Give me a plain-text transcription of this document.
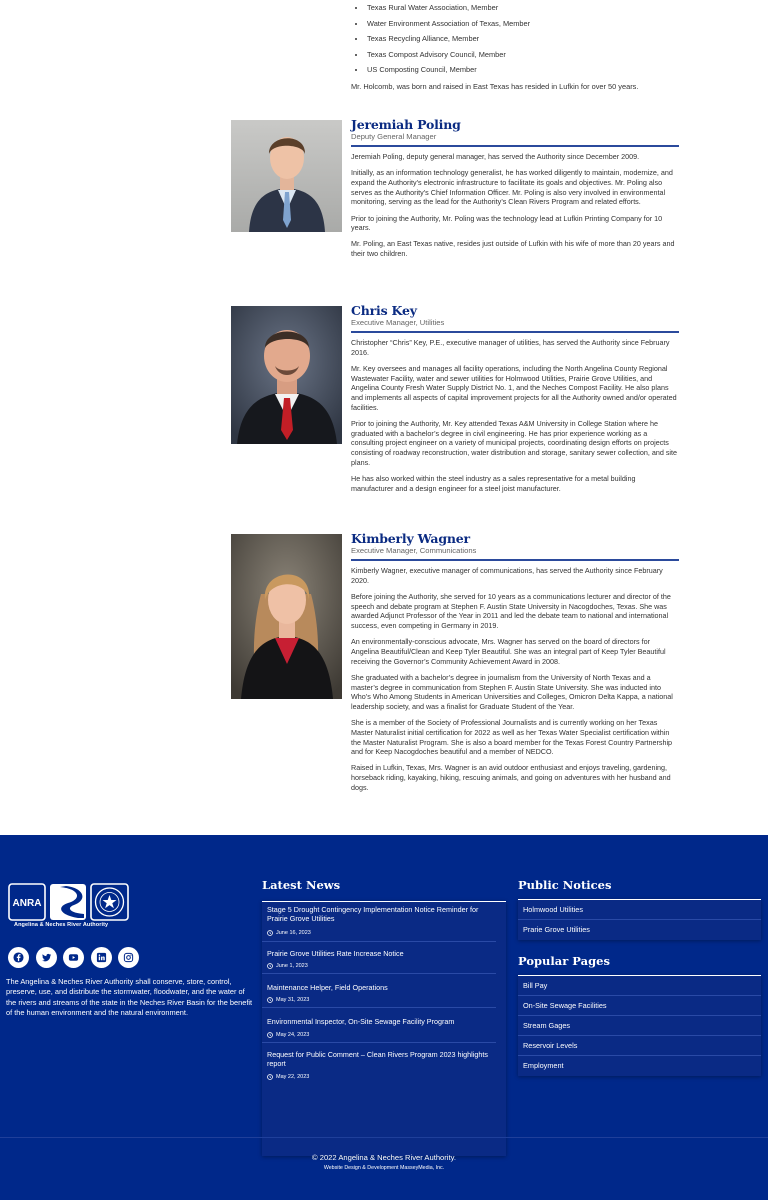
• Texas Rural Water Association, Member
• Water Environment Association of Texas, Member
• Texas Recycling Alliance, Member
• Texas Compost Advisory Council, Member
• US Composting Council, Member
Mr. Holcomb, was born and raised in East Texas has resided in Lufkin for over 50 years.
Jeremiah Poling
Deputy General Manager

Jeremiah Poling, deputy general manager, has served the Authority since December 2009.

Initially, as an information technology generalist, he has worked diligently to maintain, modernize, and expand the Authority’s electronic infrastructure to facilitate its goals and objectives. Mr. Poling also serves as the Authority’s Chief Information Officer. Mr. Poling is also very involved in environmental monitoring, serving as the lead for the Authority’s Clean Rivers Program and related efforts.

Prior to joining the Authority, Mr. Poling was the technology lead at Lufkin Printing Company for 10 years.

Mr. Poling, an East Texas native, resides just outside of Lufkin with his wife of more than 20 years and their two children.

Chris Key
Executive Manager, Utilities

Christopher “Chris” Key, P.E., executive manager of utilities, has served the Authority since February 2016.

Mr. Key oversees and manages all facility operations, including the North Angelina County Regional Wastewater Facility, water and sewer utilities for Holmwood Utilities, Prairie Grove Utilities, and Angelina County Fresh Water Supply District No. 1, and the Neches Compost Facility. He also plans and implements all aspects of capital improvement projects for all the Authority owned and/or operated facilities.

Prior to joining the Authority, Mr. Key attended Texas A&M University in College Station where he graduated with a bachelor’s degree in civil engineering. He has prior experience working as a consulting project engineer on a variety of municipal projects, coordinating design efforts on projects consisting of roadway reconstruction, water distribution and storage, sanitary sewer collection, and site plans.

He has also worked within the steel industry as a sales representative for a metal building manufacturer and a design engineer for a steel joist manufacturer.

Kimberly Wagner
Executive Manager, Communications

Kimberly Wagner, executive manager of communications, has served the Authority since February 2020.

Before joining the Authority, she served for 10 years as a communications lecturer and director of the speech and debate program at Stephen F. Austin State University in Nacogdoches, Texas. She was awarded Adjunct Professor of the Year in 2011 and led the debate team to national and international success, even competing in Germany in 2019.

An environmentally-conscious advocate, Mrs. Wagner has served on the board of directors for Angelina Beautiful/Clean and Keep Tyler Beautiful. She was an integral part of Keep Tyler Beautiful receiving the Governor’s Community Achievement Award in 2008.

She graduated with a bachelor’s degree in journalism from the University of North Texas and a master’s degree in communication from Stephen F. Austin State University. She was inducted into Who’s Who Among Students in American Universities and Colleges, Omicron Delta Kappa, a national leadership society, and was a finalist for Graduate Student of the Year.

She is a member of the Society of Professional Journalists and is currently working on her Texas Master Naturalist initial certification for 2022 as well as her Texas Water Specialist certification within the Master Naturalist Program. She is also a board member for the Texas Forest Country Partnership and for Keep Nacogdoches beautiful and a member of NEDCO.

Raised in Lufkin, Texas, Mrs. Wagner is an avid outdoor enthusiast and enjoys traveling, gardening, horseback riding, kayaking, hiking, rescuing animals, and going on adventures with her husband and dogs.

ANRA
Angelina & Neches River Authority
The Angelina & Neches River Authority shall conserve, store, control, preserve, use, and distribute the stormwater, floodwater, and the water of the rivers and streams of the state in the Neches River Basin for the benefit of the human environment and the natural environment.
Latest News
Stage 5 Drought Contingency Implementation Notice Reminder for Prairie Grove Utilities
June 16, 2023
Prairie Grove Utilities Rate Increase Notice
June 1, 2023
Maintenance Helper, Field Operations
May 31, 2023
Environmental Inspector, On-Site Sewage Facility Program
May 24, 2023
Request for Public Comment – Clean Rivers Program 2023 highlights report
May 22, 2023
Public Notices
Holmwood Utilities
Prarie Grove Utilities
Popular Pages
Bill Pay
On-Site Sewage Facilities
Stream Gages
Reservoir Levels
Employment
© 2022 Angelina & Neches River Authority.
Website Design & Development MasseyMedia, Inc.
